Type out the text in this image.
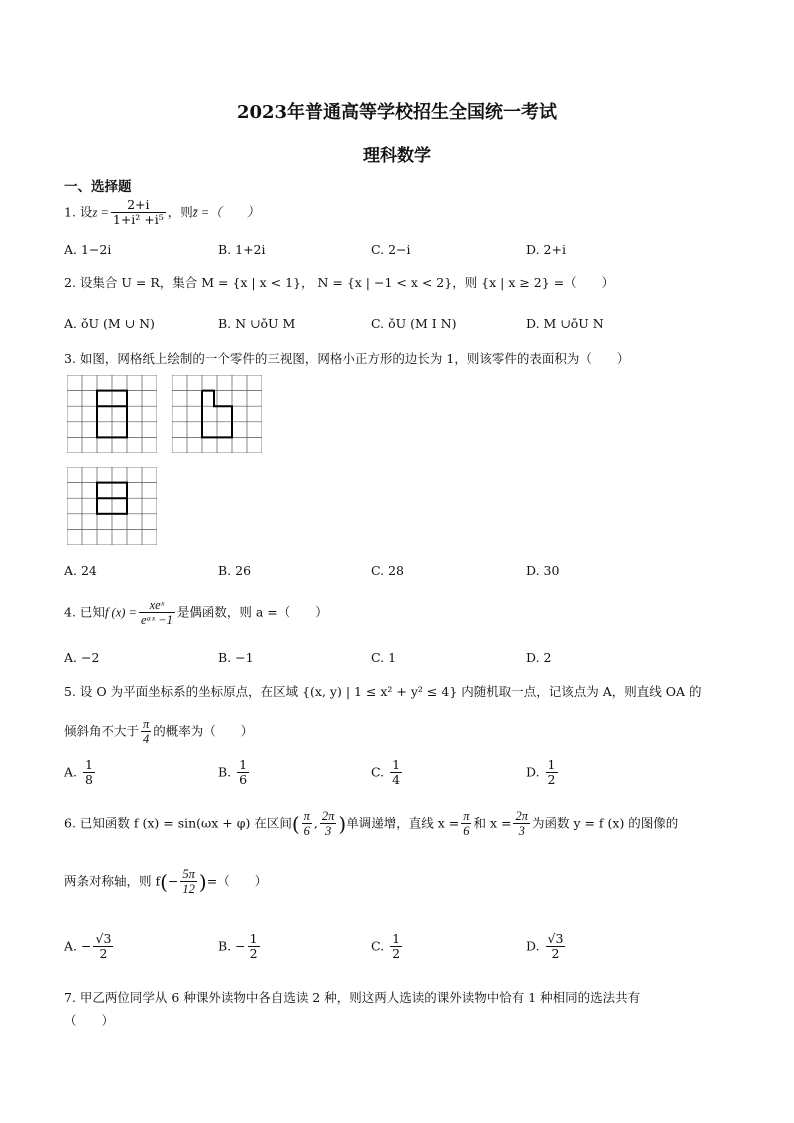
2023年普通高等学校招生全国统一考试
理科数学
一、选择题
1. 设$z = \frac{2+i}{\text{1+i² +i⁵}}$ ，则z̄ =（　　）
A. 1−2i	B. 1+2i	C. 2−i	D. 2+i
2. 设集合 U = R，集合 M = {x | x < 1}， N = {x | −1 < x < 2}，则 {x | x ≥ 2} =（　　）
A. ǒU (M ∪ N)	B. N ∪ǒU M	C. ǒU (M Ι N)	D. M ∪ǒU N
3. 如图，网格纸上绘制的一个零件的三视图，网格小正方形的边长为 1，则该零件的表面积为（　　）
A. 24	B. 26	C. 28	D. 30
4. 已知f $(x) = \frac{\text{xeˣ}}{\text{eᵃˣ −1}}$ 是偶函数，则 a =（　　）
A. −2	B. −1	C. 1	D. 2
5. 设 O 为平面坐标系的坐标原点，在区域 {(x, y) | 1 ≤ x² + y² ≤ 4} 内随机取一点，记该点为 A，则直线 OA 的
倾斜角不大于 $\frac{\pi}{4}$ 的概率为（　　）
A. $\frac{1}{8}$	B. $\frac{1}{6}$	C. $\frac{1}{4}$	D. $\frac{1}{2}$
6. 已知函数 f (x) = sin(ωx + φ) 在区间( $\frac{\pi}{6}$ , $\frac{2\pi}{3}$ )单调递增，直线 $x = \frac{\pi}{6}$ 和 $x = \frac{2\pi}{3}$ 为函数 y = f (x) 的图像的
两条对称轴，则 $f(- \frac{5\pi}{12}$ )=（　　）
A. − $\frac{√3}{2}$	B. − $\frac{1}{2}$	C. $\frac{1}{2}$	D. $\frac{√3}{2}$
7. 甲乙两位同学从 6 种课外读物中各自选读 2 种，则这两人选读的课外读物中恰有 1 种相同的选法共有
（　　）
